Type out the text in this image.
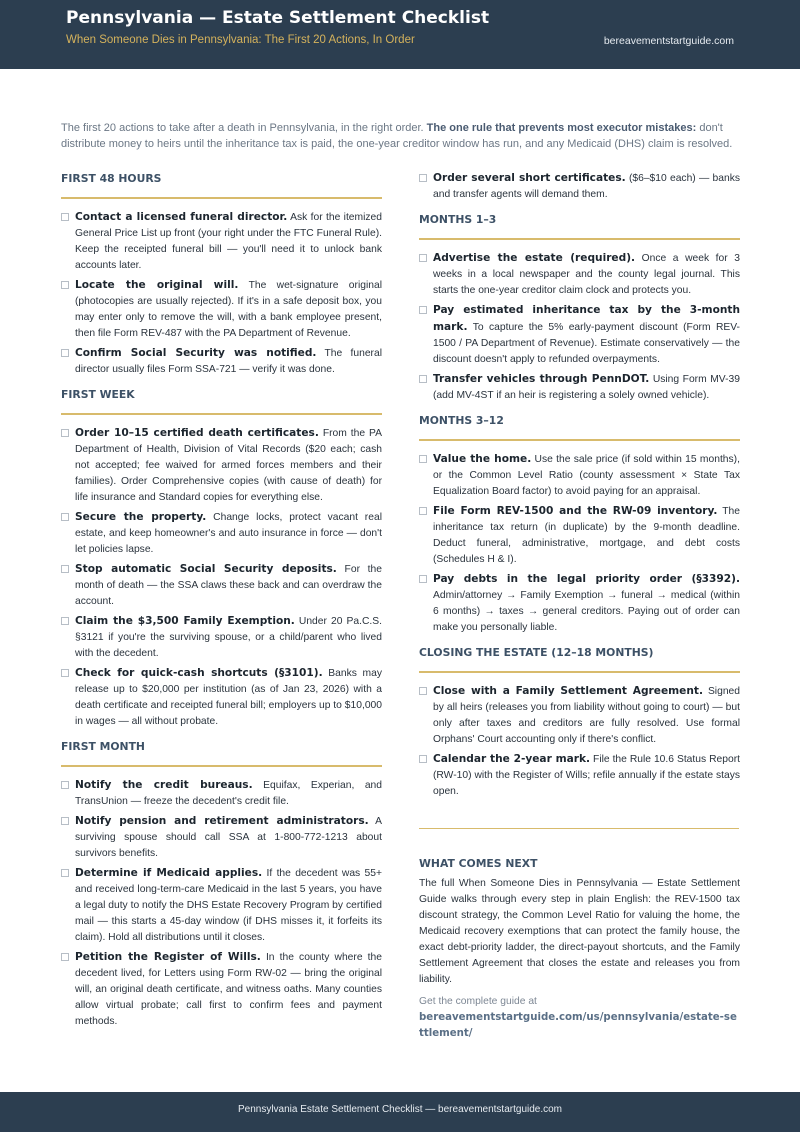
Pennsylvania — Estate Settlement Checklist
When Someone Dies in Pennsylvania: The First 20 Actions, In Order	bereavementstartguide.com
The first 20 actions to take after a death in Pennsylvania, in the right order. The one rule that prevents most executor mistakes: don't distribute money to heirs until the inheritance tax is paid, the one-year creditor window has run, and any Medicaid (DHS) claim is resolved.
FIRST 48 HOURS
Contact a licensed funeral director. Ask for the itemized General Price List up front (your right under the FTC Funeral Rule). Keep the receipted funeral bill — you'll need it to unlock bank accounts later.
Locate the original will. The wet-signature original (photocopies are usually rejected). If it's in a safe deposit box, you may enter only to remove the will, with a bank employee present, then file Form REV-487 with the PA Department of Revenue.
Confirm Social Security was notified. The funeral director usually files Form SSA-721 — verify it was done.
FIRST WEEK
Order 10–15 certified death certificates. From the PA Department of Health, Division of Vital Records ($20 each; cash not accepted; fee waived for armed forces members and their families). Order Comprehensive copies (with cause of death) for life insurance and Standard copies for everything else.
Secure the property. Change locks, protect vacant real estate, and keep homeowner's and auto insurance in force — don't let policies lapse.
Stop automatic Social Security deposits. For the month of death — the SSA claws these back and can overdraw the account.
Claim the $3,500 Family Exemption. Under 20 Pa.C.S. §3121 if you're the surviving spouse, or a child/parent who lived with the decedent.
Check for quick-cash shortcuts (§3101). Banks may release up to $20,000 per institution (as of Jan 23, 2026) with a death certificate and receipted funeral bill; employers up to $10,000 in wages — all without probate.
FIRST MONTH
Notify the credit bureaus. Equifax, Experian, and TransUnion — freeze the decedent's credit file.
Notify pension and retirement administrators. A surviving spouse should call SSA at 1-800-772-1213 about survivors benefits.
Determine if Medicaid applies. If the decedent was 55+ and received long-term-care Medicaid in the last 5 years, you have a legal duty to notify the DHS Estate Recovery Program by certified mail — this starts a 45-day window (if DHS misses it, it forfeits its claim). Hold all distributions until it closes.
Petition the Register of Wills. In the county where the decedent lived, for Letters using Form RW-02 — bring the original will, an original death certificate, and witness oaths. Many counties allow virtual probate; call first to confirm fees and payment methods.
Order several short certificates. ($6–$10 each) — banks and transfer agents will demand them.
MONTHS 1–3
Advertise the estate (required). Once a week for 3 weeks in a local newspaper and the county legal journal. This starts the one-year creditor claim clock and protects you.
Pay estimated inheritance tax by the 3-month mark. To capture the 5% early-payment discount (Form REV-1500 / PA Department of Revenue). Estimate conservatively — the discount doesn't apply to refunded overpayments.
Transfer vehicles through PennDOT. Using Form MV-39 (add MV-4ST if an heir is registering a solely owned vehicle).
MONTHS 3–12
Value the home. Use the sale price (if sold within 15 months), or the Common Level Ratio (county assessment × State Tax Equalization Board factor) to avoid paying for an appraisal.
File Form REV-1500 and the RW-09 inventory. The inheritance tax return (in duplicate) by the 9-month deadline. Deduct funeral, administrative, mortgage, and debt costs (Schedules H & I).
Pay debts in the legal priority order (§3392). Admin/attorney → Family Exemption → funeral → medical (within 6 months) → taxes → general creditors. Paying out of order can make you personally liable.
CLOSING THE ESTATE (12–18 MONTHS)
Close with a Family Settlement Agreement. Signed by all heirs (releases you from liability without going to court) — but only after taxes and creditors are fully resolved. Use formal Orphans' Court accounting only if there's conflict.
Calendar the 2-year mark. File the Rule 10.6 Status Report (RW-10) with the Register of Wills; refile annually if the estate stays open.
WHAT COMES NEXT
The full When Someone Dies in Pennsylvania — Estate Settlement Guide walks through every step in plain English: the REV-1500 tax discount strategy, the Common Level Ratio for valuing the home, the Medicaid recovery exemptions that can protect the family house, the exact debt-priority ladder, the direct-payout shortcuts, and the Family Settlement Agreement that closes the estate and releases you from liability.
Get the complete guide at
bereavementstartguide.com/us/pennsylvania/estate-settlement/
Pennsylvania Estate Settlement Checklist — bereavementstartguide.com
